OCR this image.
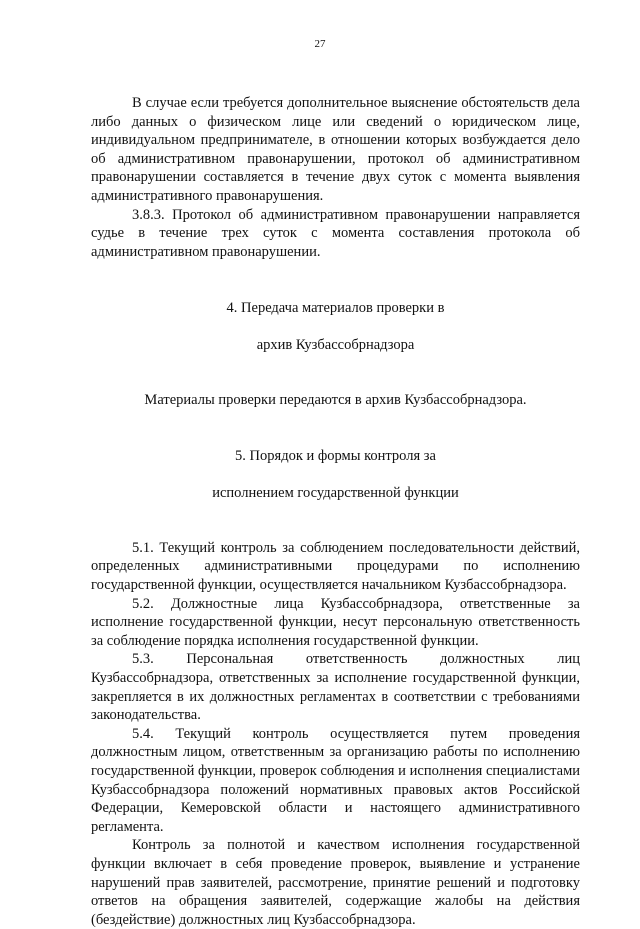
27

В случае если требуется дополнительное выяснение обстоятельств дела либо данных о физическом лице или сведений о юридическом лице, индивидуальном предпринимателе, в отношении которых возбуждается дело об административном правонарушении, протокол об административном правонарушении составляется в течение двух суток с момента выявления административного правонарушения.

3.8.3. Протокол об административном правонарушении направляется судье в течение трех суток с момента составления протокола об административном правонарушении.

4. Передача материалов проверки в

архив Кузбассобрнадзора

Материалы проверки передаются в архив Кузбассобрнадзора.

5. Порядок и формы контроля за

исполнением государственной функции

5.1. Текущий контроль за соблюдением последовательности действий, определенных административными процедурами по исполнению государственной функции, осуществляется начальником Кузбассобрнадзора.

5.2. Должностные лица Кузбассобрнадзора, ответственные за исполнение государственной функции, несут персональную ответственность за соблюдение порядка исполнения государственной функции.

5.3. Персональная ответственность должностных лиц Кузбассобрнадзора, ответственных за исполнение государственной функции, закрепляется в их должностных регламентах в соответствии с требованиями законодательства.

5.4. Текущий контроль осуществляется путем проведения должностным лицом, ответственным за организацию работы по исполнению государственной функции, проверок соблюдения и исполнения специалистами Кузбассобрнадзора положений нормативных правовых актов Российской Федерации, Кемеровской области и настоящего административного регламента.

Контроль за полнотой и качеством исполнения государственной функции включает в себя проведение проверок, выявление и устранение нарушений прав заявителей, рассмотрение, принятие решений и подготовку ответов на обращения заявителей, содержащие жалобы на действия (бездействие) должностных лиц Кузбассобрнадзора.
